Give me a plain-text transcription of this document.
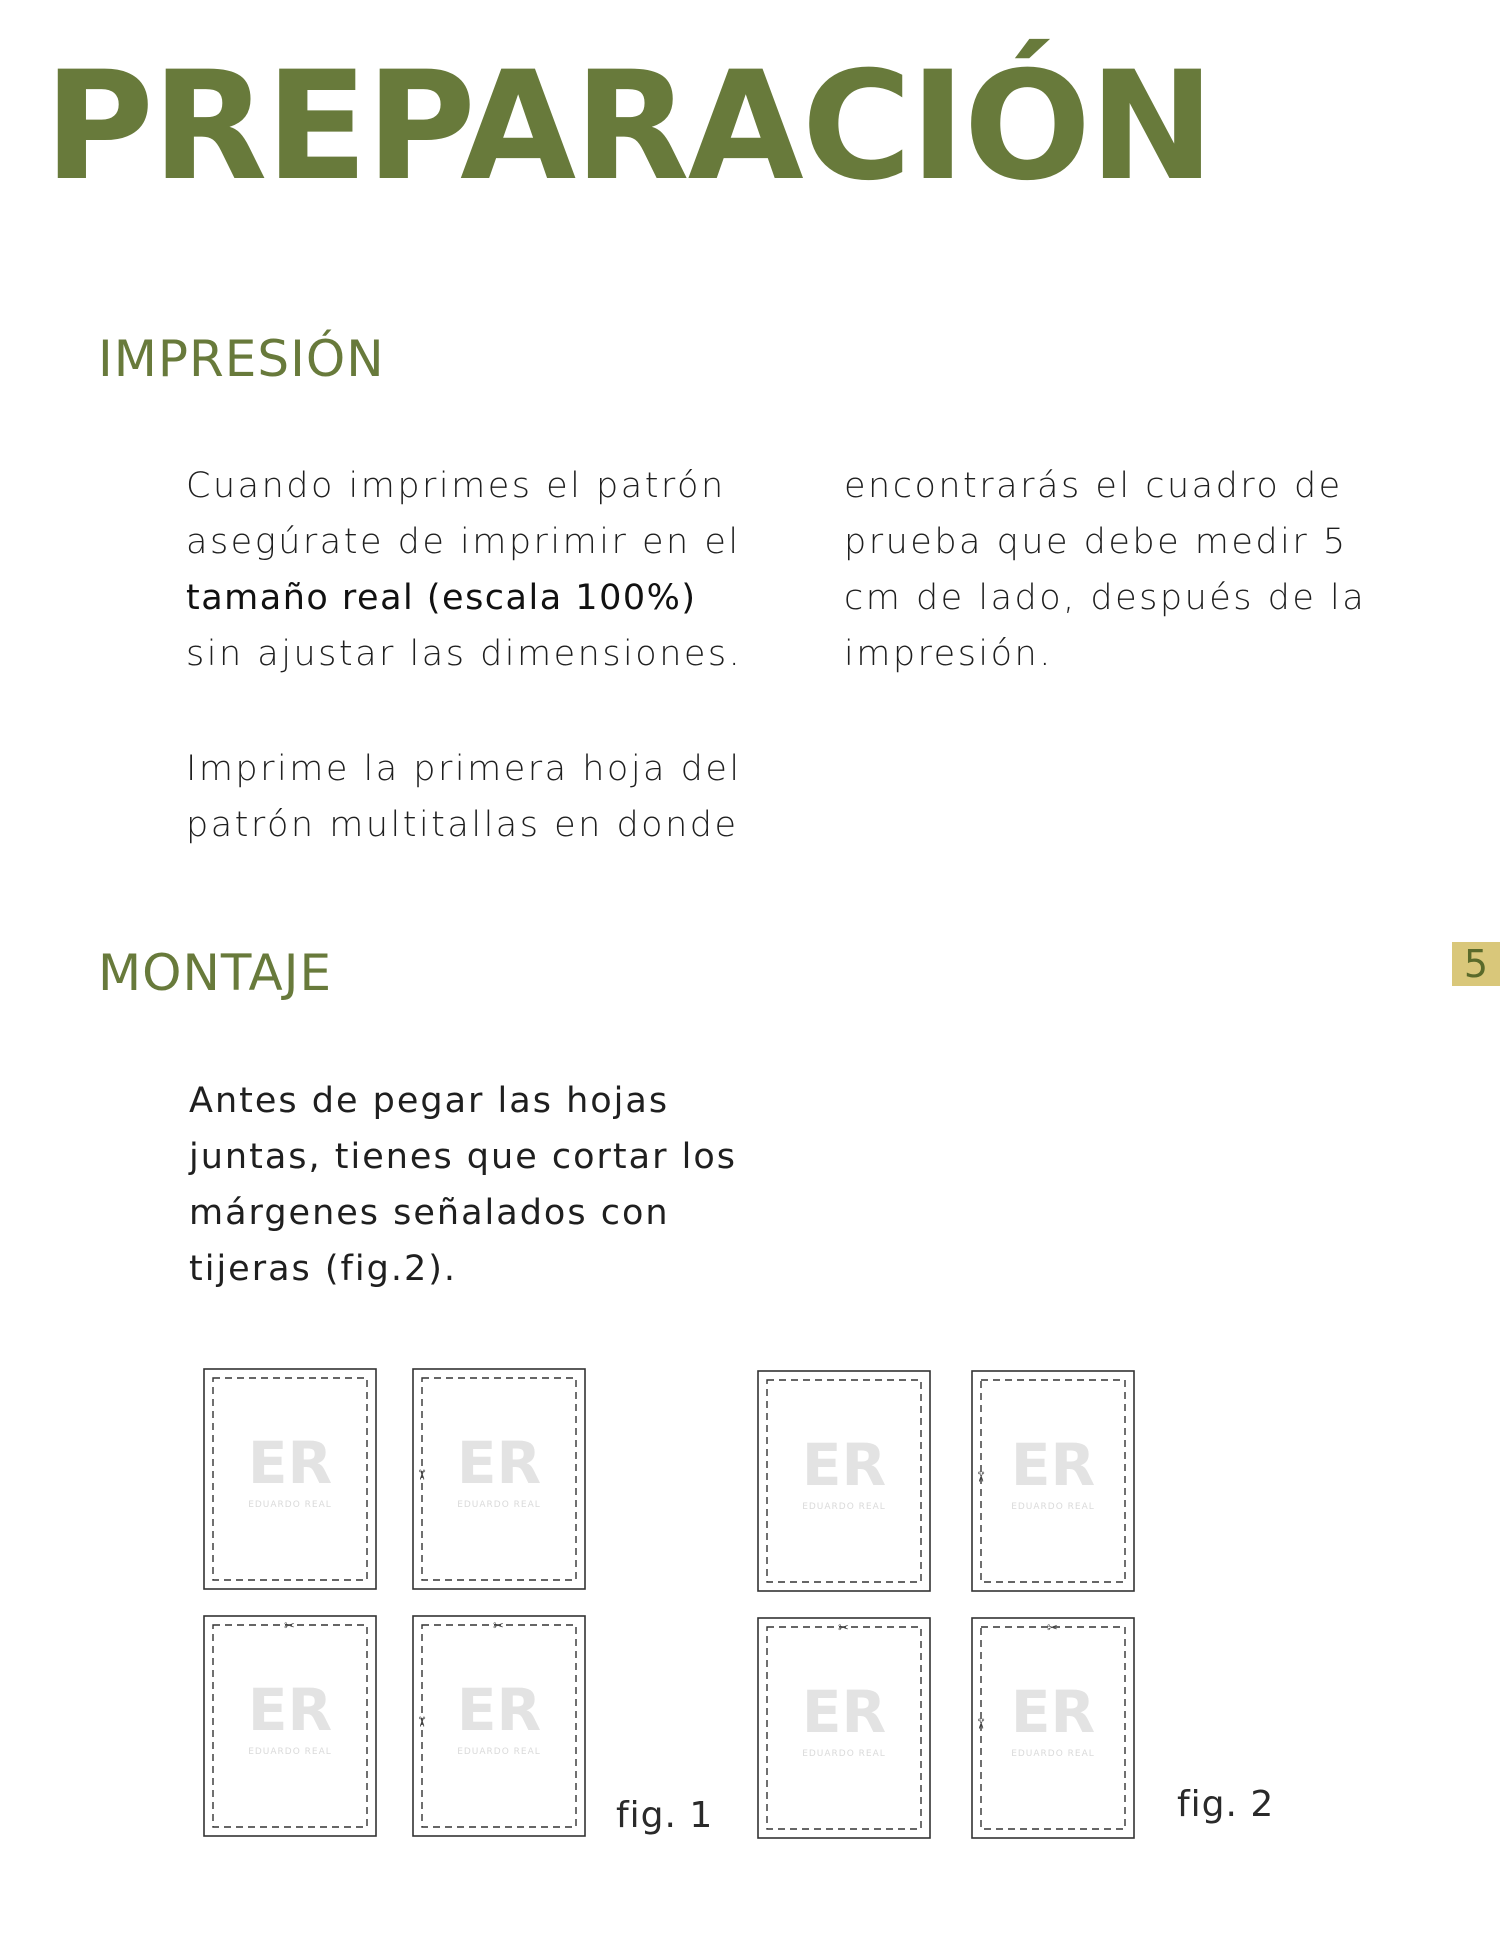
PREPARACIÓN
IMPRESIÓN
Cuando imprimes el patrón
asegúrate de imprimir en el
tamaño real (escala 100%)
sin ajustar las dimensiones.
Imprime la primera hoja del
patrón multitallas en donde
encontrarás el cuadro de
prueba que debe medir 5
cm de lado, después de la
impresión.
5
MONTAJE
Antes de pegar las hojas
juntas, tienes que cortar los
márgenes señalados con
tijeras (fig.2).
ER
EDUARDO REAL
ER
EDUARDO REAL
✂
ER
EDUARDO REAL
✂
ER
EDUARDO REAL
✂
✂
fig. 1
ER
EDUARDO REAL
ER
EDUARDO REAL
✂
ER
EDUARDO REAL
✂
ER
EDUARDO REAL
✂
✂
fig. 2
